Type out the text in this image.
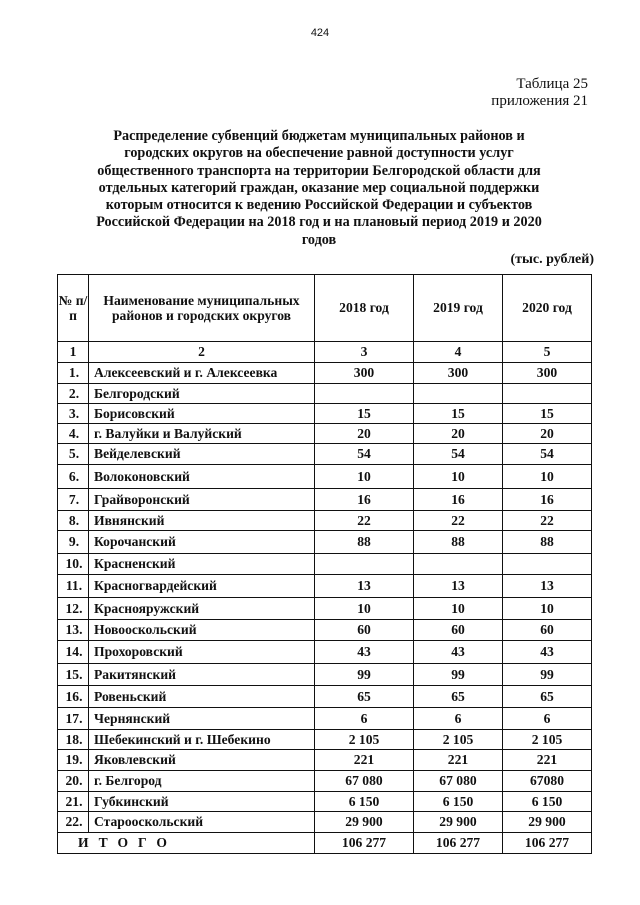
424
Таблица 25
приложения 21
Распределение субвенций бюджетам муниципальных районов и городских округов на обеспечение равной доступности услуг общественного транспорта на территории Белгородской области для отдельных категорий граждан, оказание мер социальной поддержки которым относится к ведению Российской Федерации и субъектов Российской Федерации на 2018 год и на плановый период 2019 и 2020 годов
(тыс. рублей)
№ п/п	Наименование муниципальных районов и городских округов	2018 год	2019 год	2020 год
1	2	3	4	5
1.	Алексеевский и г. Алексеевка	300	300	300
2.	Белгородский			
3.	Борисовский	15	15	15
4.	г. Валуйки и Валуйский	20	20	20
5.	Вейделевский	54	54	54
6.	Волоконовский	10	10	10
7.	Грайворонский	16	16	16
8.	Ивнянский	22	22	22
9.	Корочанский	88	88	88
10.	Красненский			
11.	Красногвардейский	13	13	13
12.	Краснояружский	10	10	10
13.	Новооскольский	60	60	60
14.	Прохоровский	43	43	43
15.	Ракитянский	99	99	99
16.	Ровеньский	65	65	65
17.	Чернянский	6	6	6
18.	Шебекинский и г. Шебекино	2 105	2 105	2 105
19.	Яковлевский	221	221	221
20.	г. Белгород	67 080	67 080	67080
21.	Губкинский	6 150	6 150	6 150
22.	Старооскольский	29 900	29 900	29 900
ИТОГО		106 277	106 277	106 277
